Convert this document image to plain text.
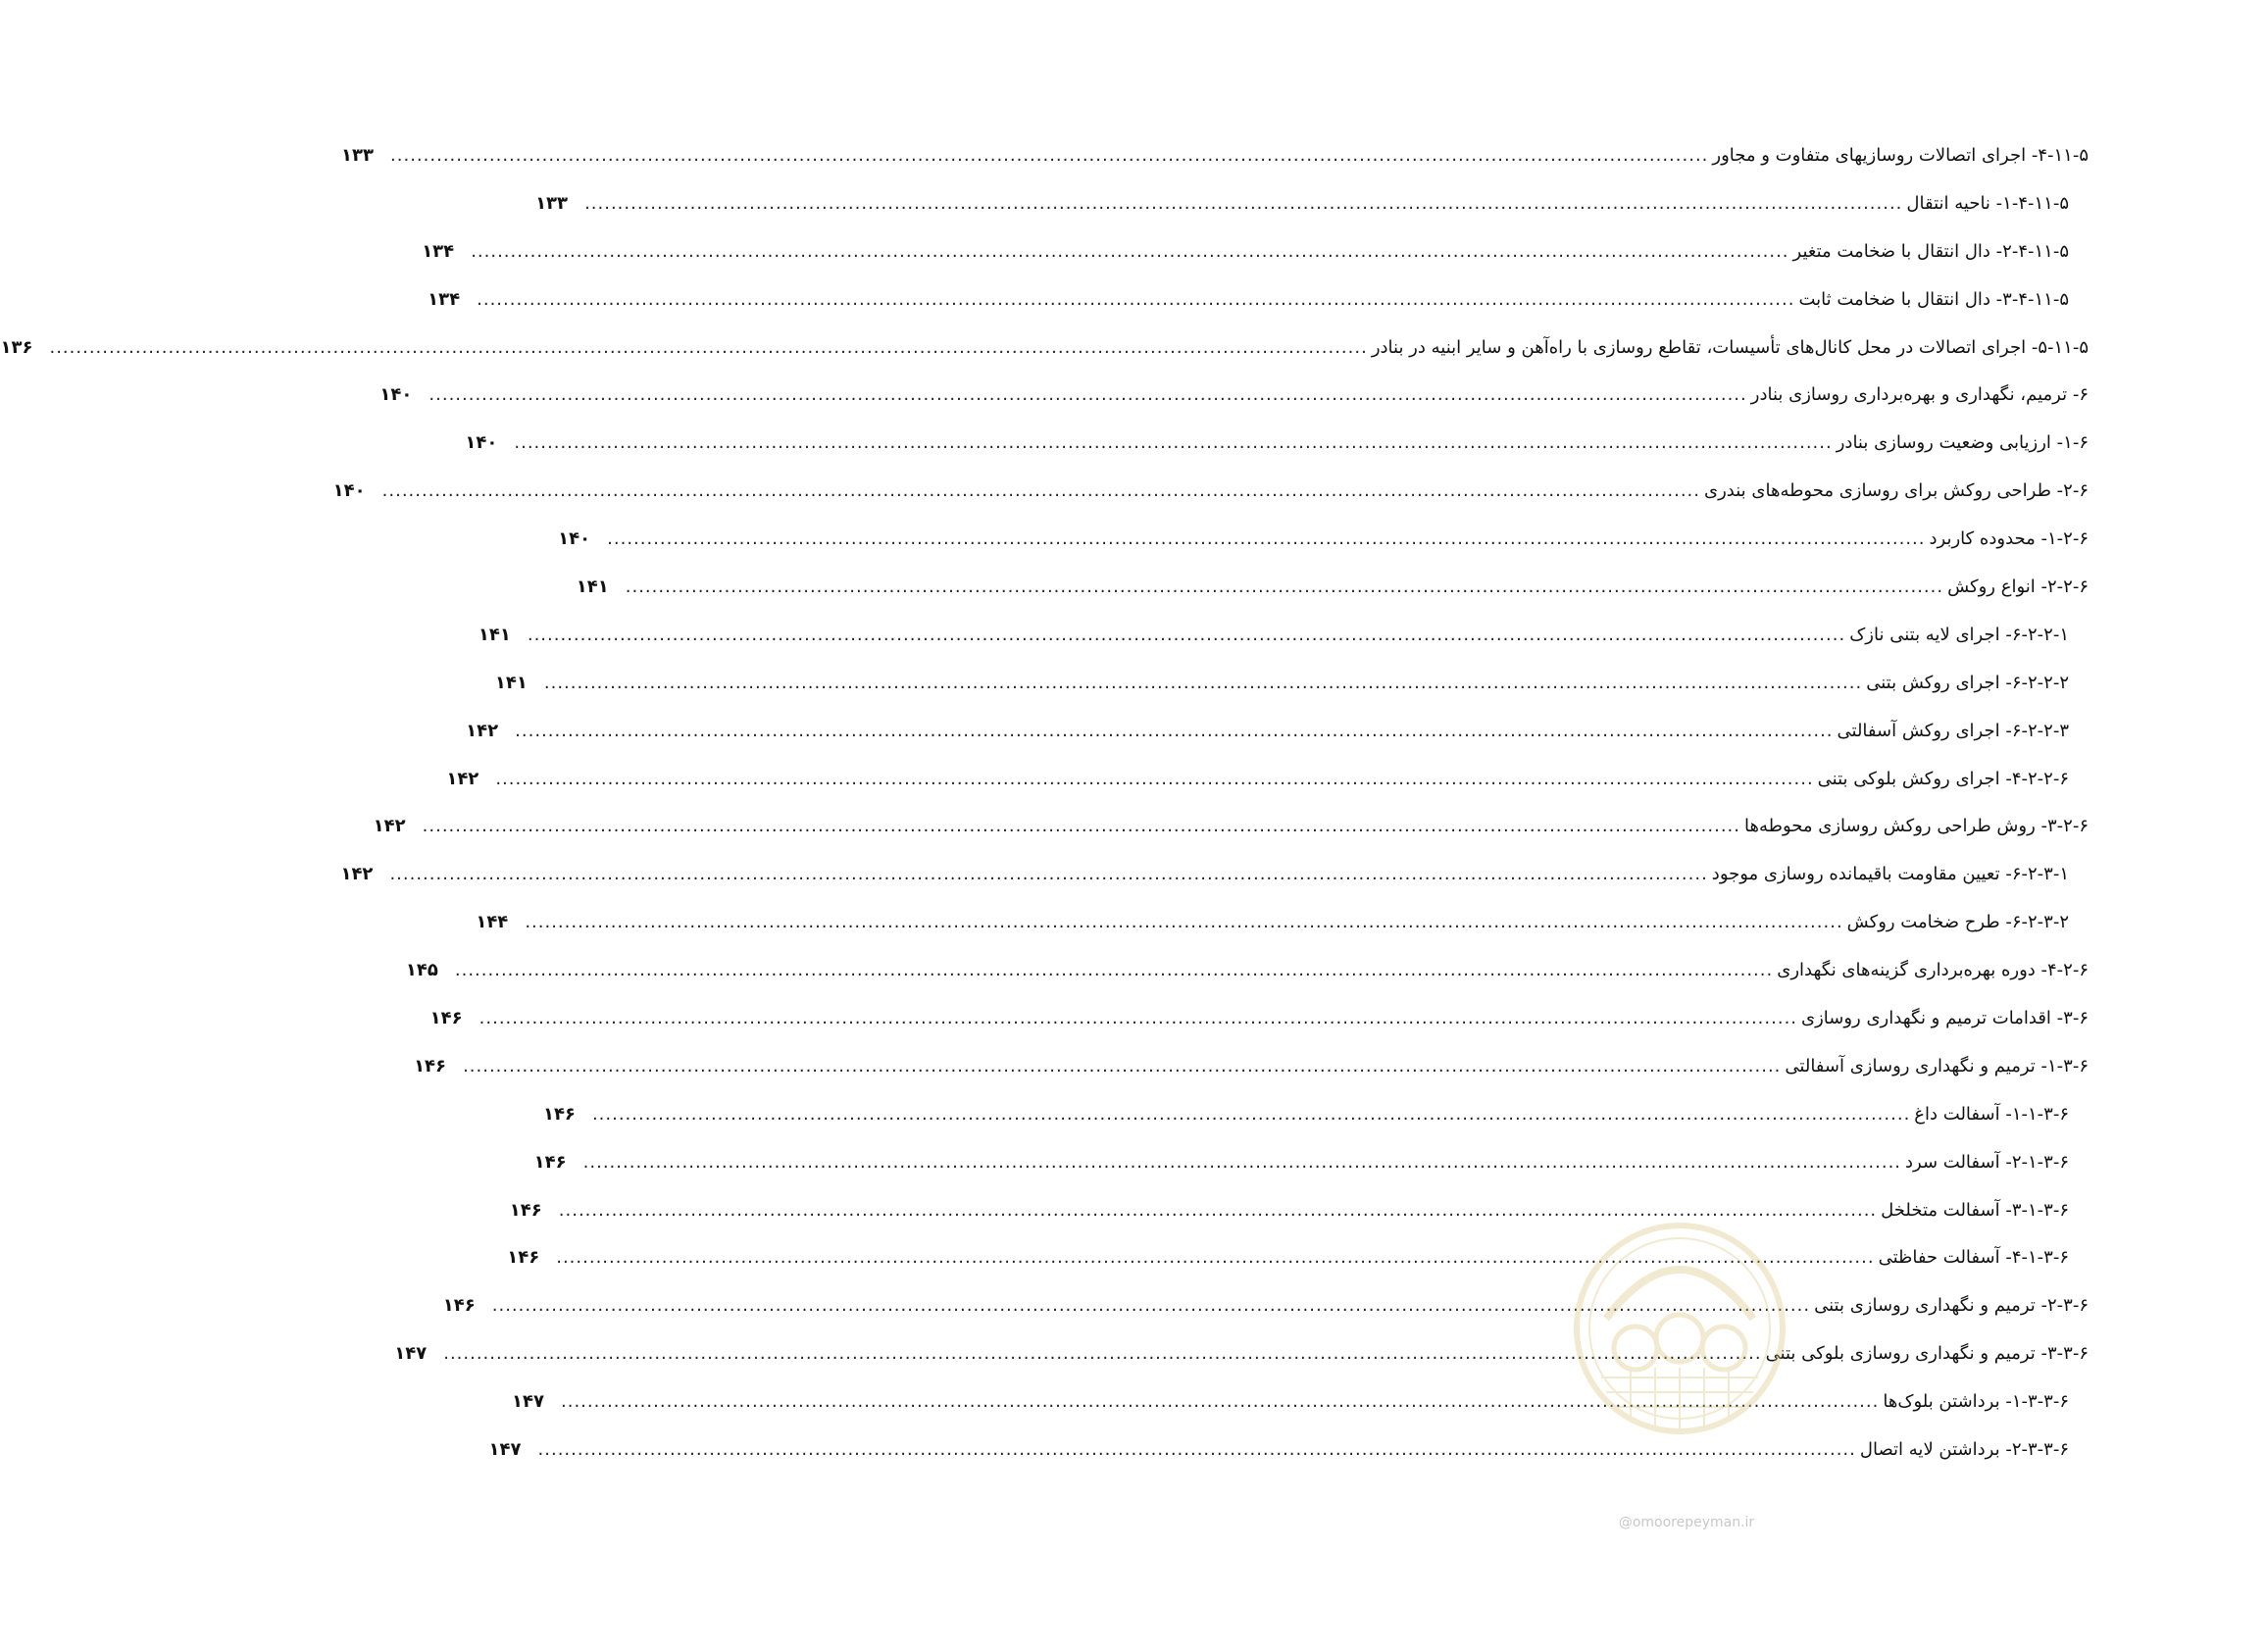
۴-۱۱-۵- اجرای اتصالات روسازیهای متفاوت و مجاور
........................................................................................................................................................................................................
۱۳۳
۱-۴-۱۱-۵- ناحیه انتقال
........................................................................................................................................................................................................
۱۳۳
۲-۴-۱۱-۵- دال انتقال با ضخامت متغیر
........................................................................................................................................................................................................
۱۳۴
۳-۴-۱۱-۵- دال انتقال با ضخامت ثابت
........................................................................................................................................................................................................
۱۳۴
۵-۱۱-۵- اجرای اتصالات در محل کانال‌های تأسیسات، تقاطع روسازی با راه‌آهن و سایر ابنیه در بنادر
........................................................................................................................................................................................................
۱۳۶
۶- ترمیم، نگهداری و بهره‌برداری روسازی بنادر
........................................................................................................................................................................................................
۱۴۰
۱-۶- ارزیابی وضعیت روسازی بنادر
........................................................................................................................................................................................................
۱۴۰
۲-۶- طراحی روکش برای روسازی محوطه‌های بندری
........................................................................................................................................................................................................
۱۴۰
۱-۲-۶- محدوده کاربرد
........................................................................................................................................................................................................
۱۴۰
۲-۲-۶- انواع روکش
........................................................................................................................................................................................................
۱۴۱
۶-۲-۲-۱- اجرای لایه بتنی نازک
........................................................................................................................................................................................................
۱۴۱
۶-۲-۲-۲- اجرای روکش بتنی
........................................................................................................................................................................................................
۱۴۱
۶-۲-۲-۳- اجرای روکش آسفالتی
........................................................................................................................................................................................................
۱۴۲
۴-۲-۲-۶- اجرای روکش بلوکی بتنی
........................................................................................................................................................................................................
۱۴۲
۳-۲-۶- روش طراحی روکش روسازی محوطه‌ها
........................................................................................................................................................................................................
۱۴۲
۶-۲-۳-۱- تعیین مقاومت باقیمانده روسازی موجود
........................................................................................................................................................................................................
۱۴۲
۶-۲-۳-۲- طرح ضخامت روکش
........................................................................................................................................................................................................
۱۴۴
۴-۲-۶- دوره بهره‌برداری گزینه‌های نگهداری
........................................................................................................................................................................................................
۱۴۵
۳-۶- اقدامات ترمیم و نگهداری روسازی
........................................................................................................................................................................................................
۱۴۶
۱-۳-۶- ترمیم و نگهداری روسازی آسفالتی
........................................................................................................................................................................................................
۱۴۶
۱-۱-۳-۶- آسفالت داغ
........................................................................................................................................................................................................
۱۴۶
۲-۱-۳-۶- آسفالت سرد
........................................................................................................................................................................................................
۱۴۶
۳-۱-۳-۶- آسفالت متخلخل
........................................................................................................................................................................................................
۱۴۶
۴-۱-۳-۶- آسفالت حفاظتی
........................................................................................................................................................................................................
۱۴۶
۲-۳-۶- ترمیم و نگهداری روسازی بتنی
........................................................................................................................................................................................................
۱۴۶
۳-۳-۶- ترمیم و نگهداری روسازی بلوکی بتنی
........................................................................................................................................................................................................
۱۴۷
۱-۳-۳-۶- برداشتن بلوک‌ها
........................................................................................................................................................................................................
۱۴۷
۲-۳-۳-۶- برداشتن لایه اتصال
........................................................................................................................................................................................................
۱۴۷
@omoorepeyman.ir
